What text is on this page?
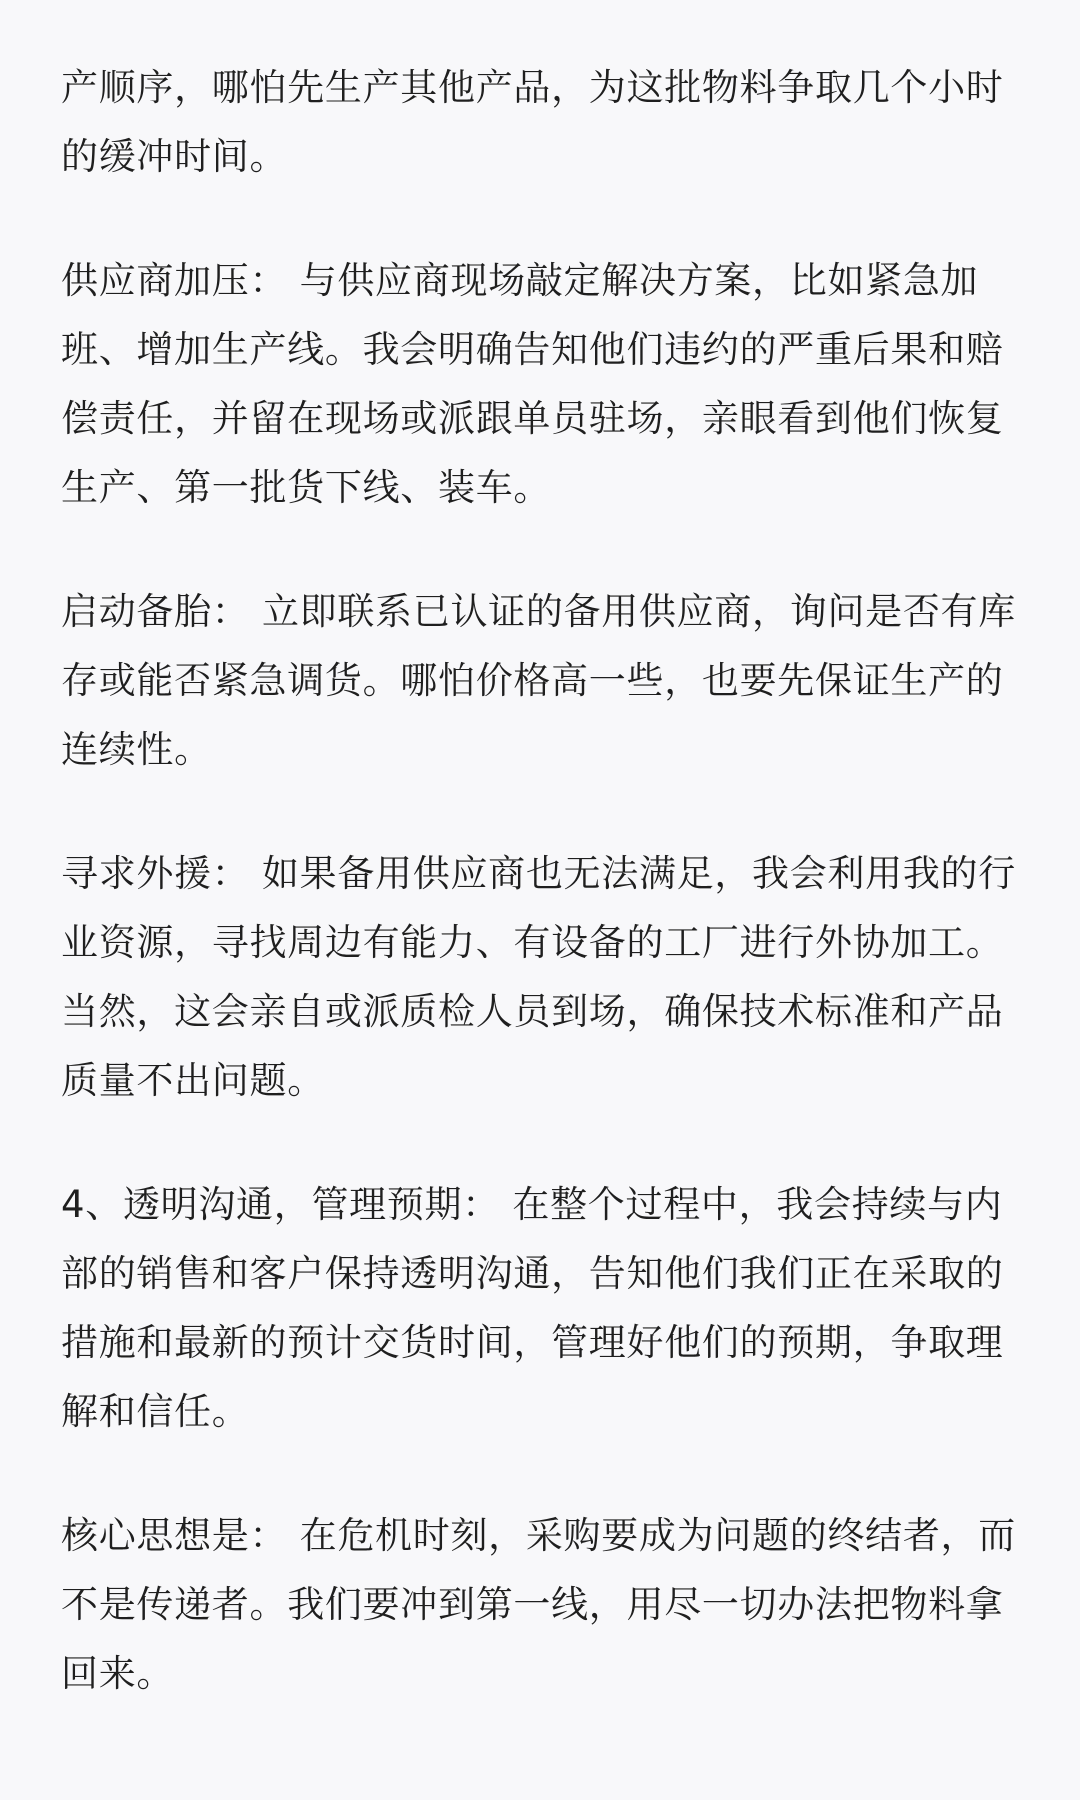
产顺序，哪怕先生产其他产品，为这批物料争取几个小时的缓冲时间。

供应商加压： 与供应商现场敲定解决方案，比如紧急加班、增加生产线。我会明确告知他们违约的严重后果和赔偿责任，并留在现场或派跟单员驻场，亲眼看到他们恢复生产、第一批货下线、装车。

启动备胎： 立即联系已认证的备用供应商，询问是否有库存或能否紧急调货。哪怕价格高一些，也要先保证生产的连续性。

寻求外援： 如果备用供应商也无法满足，我会利用我的行业资源，寻找周边有能力、有设备的工厂进行外协加工。当然，这会亲自或派质检人员到场，确保技术标准和产品质量不出问题。

4、透明沟通，管理预期： 在整个过程中，我会持续与内部的销售和客户保持透明沟通，告知他们我们正在采取的措施和最新的预计交货时间，管理好他们的预期，争取理解和信任。

核心思想是： 在危机时刻，采购要成为问题的终结者，而不是传递者。我们要冲到第一线，用尽一切办法把物料拿回来。
